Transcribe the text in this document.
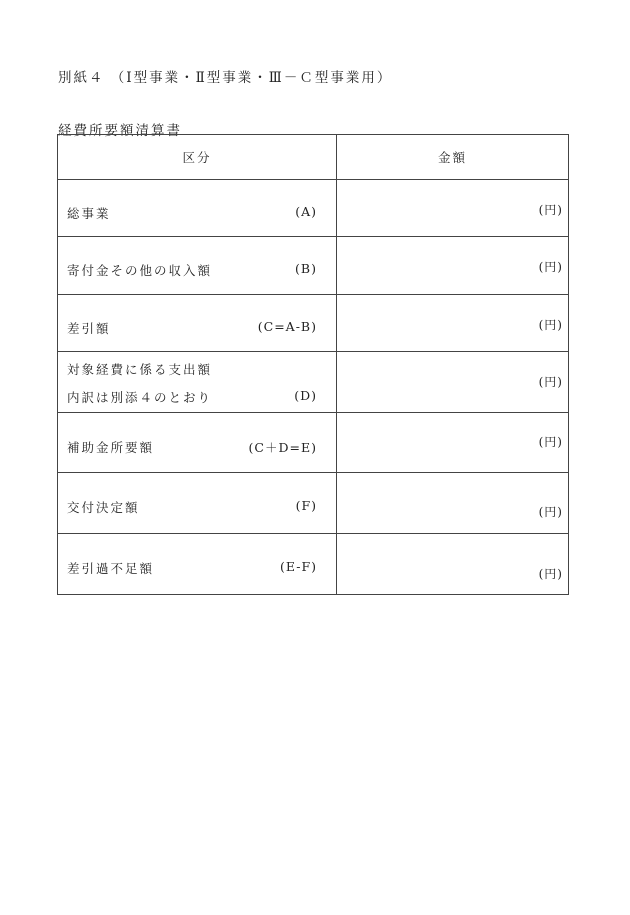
別紙４ （Ⅰ型事業・Ⅱ型事業・Ⅲ－Ｃ型事業用）
経費所要額清算書
区分	金額

総事業 (A)	(円)

寄付金その他の収入額 (B)	(円)

差引額 (C=A-B)	(円)

対象経費に係る支出額
内訳は別添４のとおり (D)	(円)

補助金所要額 (C＋D=E)	(円)

交付決定額 (F)	(円)

差引過不足額 (E-F)	(円)
